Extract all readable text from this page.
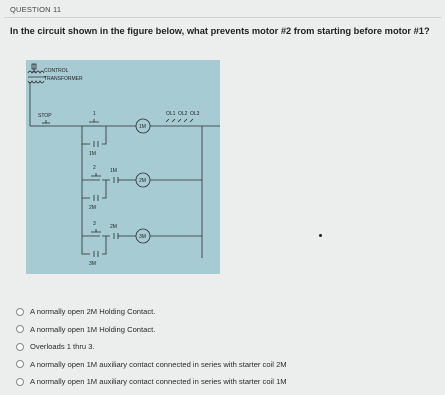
QUESTION 11
In the circuit shown in the figure below, what prevents motor #2 from starting before motor #1?
CONTROL
TRANSFORMER
STOP	1
2
3
1M
2M
3M
1M
2M
1M
2M
3M
OL1 OL2 OL3
A normally open 2M Holding Contact.
A normally open 1M Holding Contact.
Overloads 1 thru 3.
A normally open 1M auxiliary contact connected in series with starter coil 2M
A normally open 1M auxiliary contact connected in series with starter coil 1M
